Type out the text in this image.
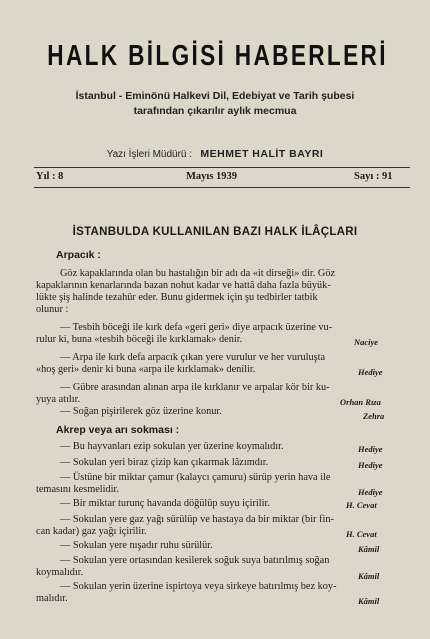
HALK BİLGİSİ HABERLERİ
İstanbul - Eminönü Halkevi Dil, Edebiyat ve Tarih şubesi
tarafından çıkarılır aylık mecmua
Yazı İşleri Müdürü : MEHMET HALİT BAYRI
Yıl : 8	Mayıs 1939	Sayı : 91
İSTANBULDA KULLANILAN BAZI HALK İLÂÇLARI
Arpacık :
Göz kapaklarında olan bu hastalığın bir adı da «it dirseği» dir. Göz
kapaklarının kenarlarında bazan nohut kadar ve hattâ daha fazla büyük-
lükte şiş halinde tezahür eder. Bunu gidermek için şu tedbirler tatbik
olunur :
— Tesbih böceği ile kırk defa «geri geri» diye arpacık üzerine vu-
rulur ki, buna «tesbih böceği ile kırklamak» denir.	Naciye
— Arpa ile kırk defa arpacık çıkan yere vurulur ve her vuruluşta
«hoş geri» denir ki buna «arpa ile kırklamak» denilir.	Hediye
— Gübre arasından alınan arpa ile kırklanır ve arpalar kör bir ku-
yuya atılır.	Orhan Rıza
— Soğan pişirilerek göz üzerine konur.	Zehra
Akrep veya arı sokması :
— Bu hayvanları ezip sokulan yer üzerine koymalıdır.	Hediye
— Sokulan yeri biraz çizip kan çıkarmak lâzımdır.	Hediye
— Üstüne bir miktar çamur (kalaycı çamuru) sürüp yerin hava ile
temasını kesmelidir.	Hediye
— Bir miktar turunç havanda döğülüp suyu içirilir.	H. Cevat
— Sokulan yere gaz yağı sürülüp ve hastaya da bir miktar (bir fin-
can kadar) gaz yağı içirilir.	H. Cevat
— Sokulan yere nışadır ruhu sürülür.	Kâmil
— Sokulan yere ortasından kesilerek soğuk suya batırılmış soğan
koymalıdır.	Kâmil
— Sokulan yerin üzerine ispirtoya veya sirkeye batırılmış bez koy-
malıdır.	Kâmil
